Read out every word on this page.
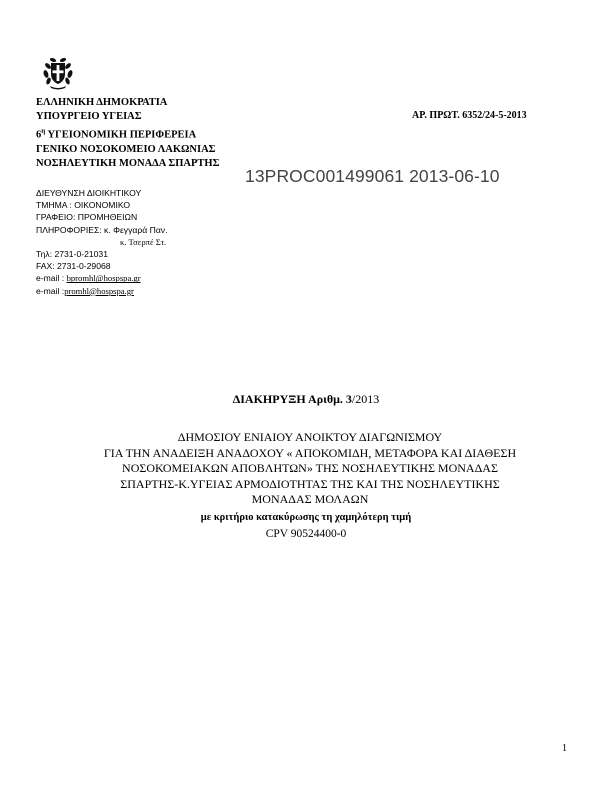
ΕΛΛΗΝΙΚΗ ΔΗΜΟΚΡΑΤΙΑ
ΥΠΟΥΡΓΕΙΟ ΥΓΕΙΑΣ
$6^\eta$ ΥΓΕΙΟΝΟΜΙΚΗ ΠΕΡΙΦΕΡΕΙΑ
ΓΕΝΙΚΟ ΝΟΣΟΚΟΜΕΙΟ ΛΑΚΩΝΙΑΣ
ΝΟΣΗΛΕΥΤΙΚΗ ΜΟΝΑΔΑ ΣΠΑΡΤΗΣ
ΑΡ. ΠΡΩΤ. 6352/24-5-2013
13PROC001499061 2013-06-10
ΔΙΕΥΘΥΝΣΗ ΔΙΟΙΚΗΤΙΚΟΥ
ΤΜΗΜΑ : ΟΙΚΟΝΟΜΙΚΟ
ΓΡΑΦΕΙΟ: ΠΡΟΜΗΘΕΙΩΝ
ΠΛΗΡΟΦΟΡΙΕΣ: κ. Φεγγαρά Παν.
κ. Τσερπέ Στ.
Τηλ: 2731-0-21031
FAX: 2731-0-29068
e-mail : bpromhl@hospspa.gr
e-mail :promhl@hospspa.gr
ΔΙΑΚΗΡΥΞΗ Αριθμ. 3/2013
ΔΗΜΟΣΙΟΥ ΕΝΙΑΙΟΥ ΑΝΟΙΚΤΟΥ ΔΙΑΓΩΝΙΣΜΟΥ
ΓΙΑ ΤΗΝ ΑΝΑΔΕΙΞΗ ΑΝΑΔΟΧΟΥ « ΑΠΟΚΟΜΙΔΗ, ΜΕΤΑΦΟΡΑ ΚΑΙ ΔΙΑΘΕΣΗ
ΝΟΣΟΚΟΜΕΙΑΚΩΝ ΑΠΟΒΛΗΤΩΝ» ΤΗΣ ΝΟΣΗΛΕΥΤΙΚΗΣ ΜΟΝΑΔΑΣ
ΣΠΑΡΤΗΣ-Κ.ΥΓΕΙΑΣ ΑΡΜΟΔΙΟΤΗΤΑΣ ΤΗΣ ΚΑΙ ΤΗΣ ΝΟΣΗΛΕΥΤΙΚΗΣ
ΜΟΝΑΔΑΣ ΜΟΛΑΩΝ
με κριτήριο κατακύρωσης τη χαμηλότερη τιμή
CPV 90524400-0
1
